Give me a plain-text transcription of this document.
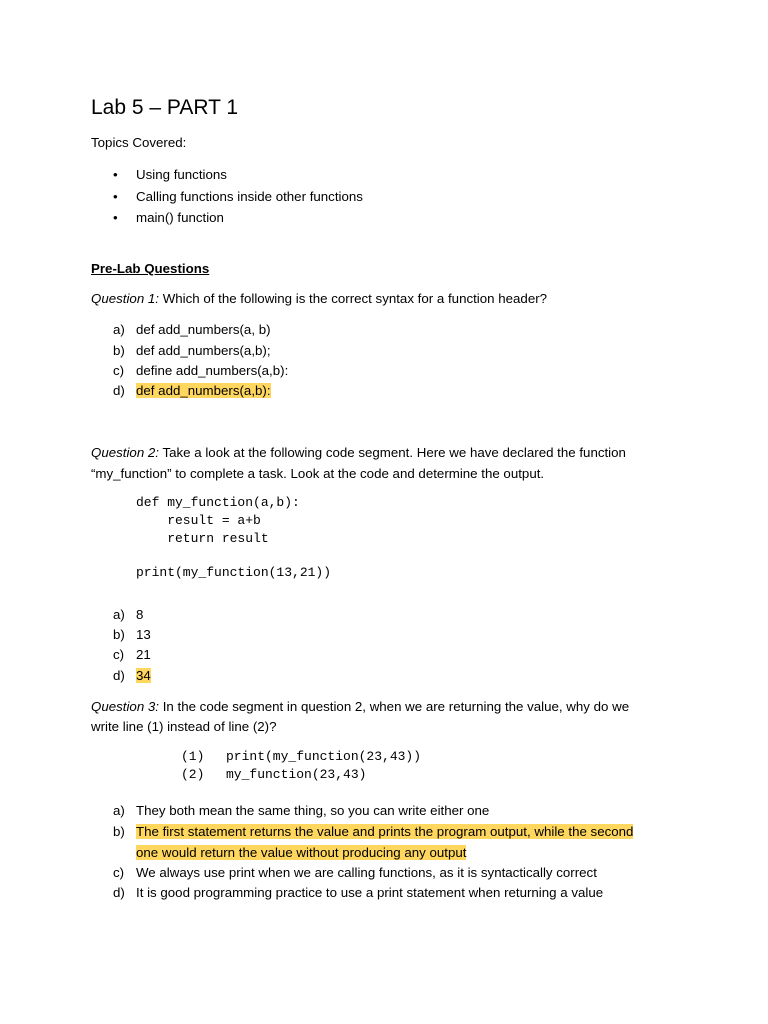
Lab 5 – PART 1
Topics Covered:
• Using functions
• Calling functions inside other functions
• main() function
Pre-Lab Questions
Question 1: Which of the following is the correct syntax for a function header?
a) def add_numbers(a, b)
b) def add_numbers(a,b);
c) define add_numbers(a,b):
d) def add_numbers(a,b):
Question 2: Take a look at the following code segment. Here we have declared the function
“my_function” to complete a task. Look at the code and determine the output.
def my_function(a,b):
result = a+b
return result
print(my_function(13,21))
a) 8
b) 13
c) 21
d) 34
Question 3: In the code segment in question 2, when we are returning the value, why do we
write line (1) instead of line (2)?
(1) print(my_function(23,43))
(2) my_function(23,43)
a) They both mean the same thing, so you can write either one
b) The first statement returns the value and prints the program output, while the second
one would return the value without producing any output
c) We always use print when we are calling functions, as it is syntactically correct
d) It is good programming practice to use a print statement when returning a value
